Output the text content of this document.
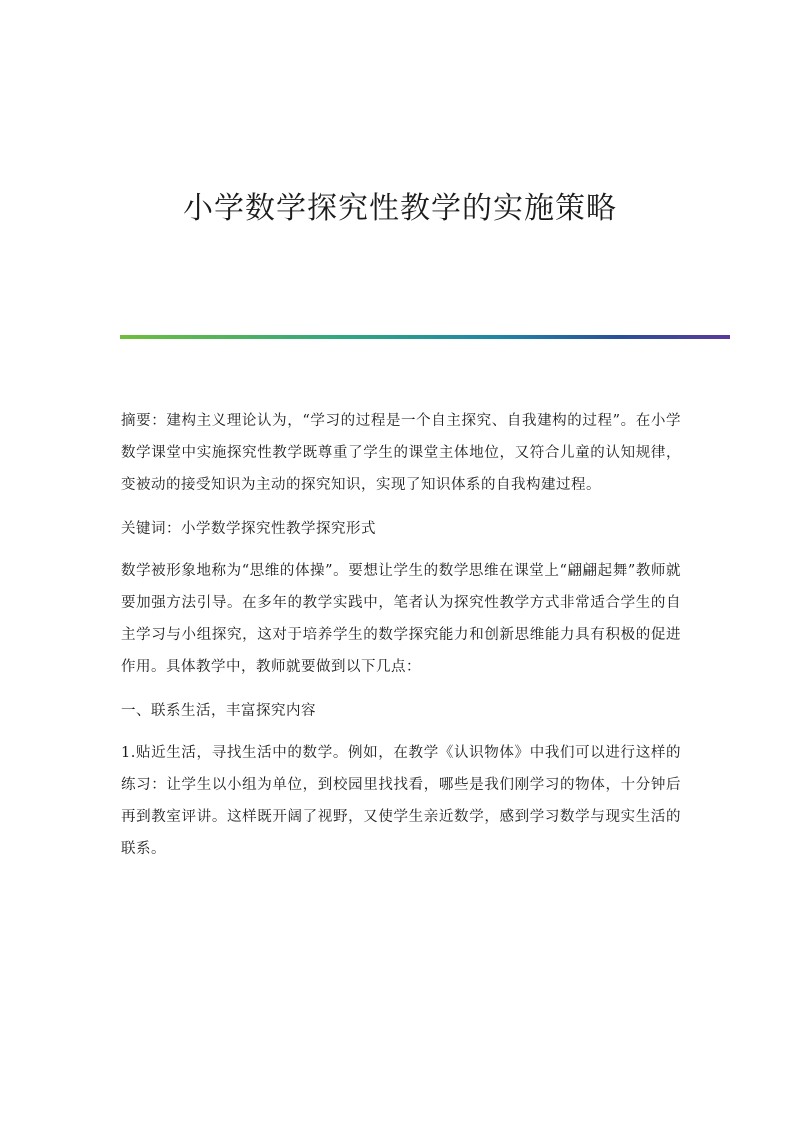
小学数学探究性教学的实施策略

摘要：建构主义理论认为，“学习的过程是一个自主探究、自我建构的过程”。在小学数学课堂中实施探究性教学既尊重了学生的课堂主体地位，又符合儿童的认知规律，变被动的接受知识为主动的探究知识，实现了知识体系的自我构建过程。

关键词：小学数学探究性教学探究形式

数学被形象地称为“思维的体操”。要想让学生的数学思维在课堂上“翩翩起舞”教师就要加强方法引导。在多年的教学实践中，笔者认为探究性教学方式非常适合学生的自主学习与小组探究，这对于培养学生的数学探究能力和创新思维能力具有积极的促进作用。具体教学中，教师就要做到以下几点：

一、联系生活，丰富探究内容

1.贴近生活，寻找生活中的数学。例如，在教学《认识物体》中我们可以进行这样的练习：让学生以小组为单位，到校园里找找看，哪些是我们刚学习的物体，十分钟后再到教室评讲。这样既开阔了视野，又使学生亲近数学，感到学习数学与现实生活的联系。
